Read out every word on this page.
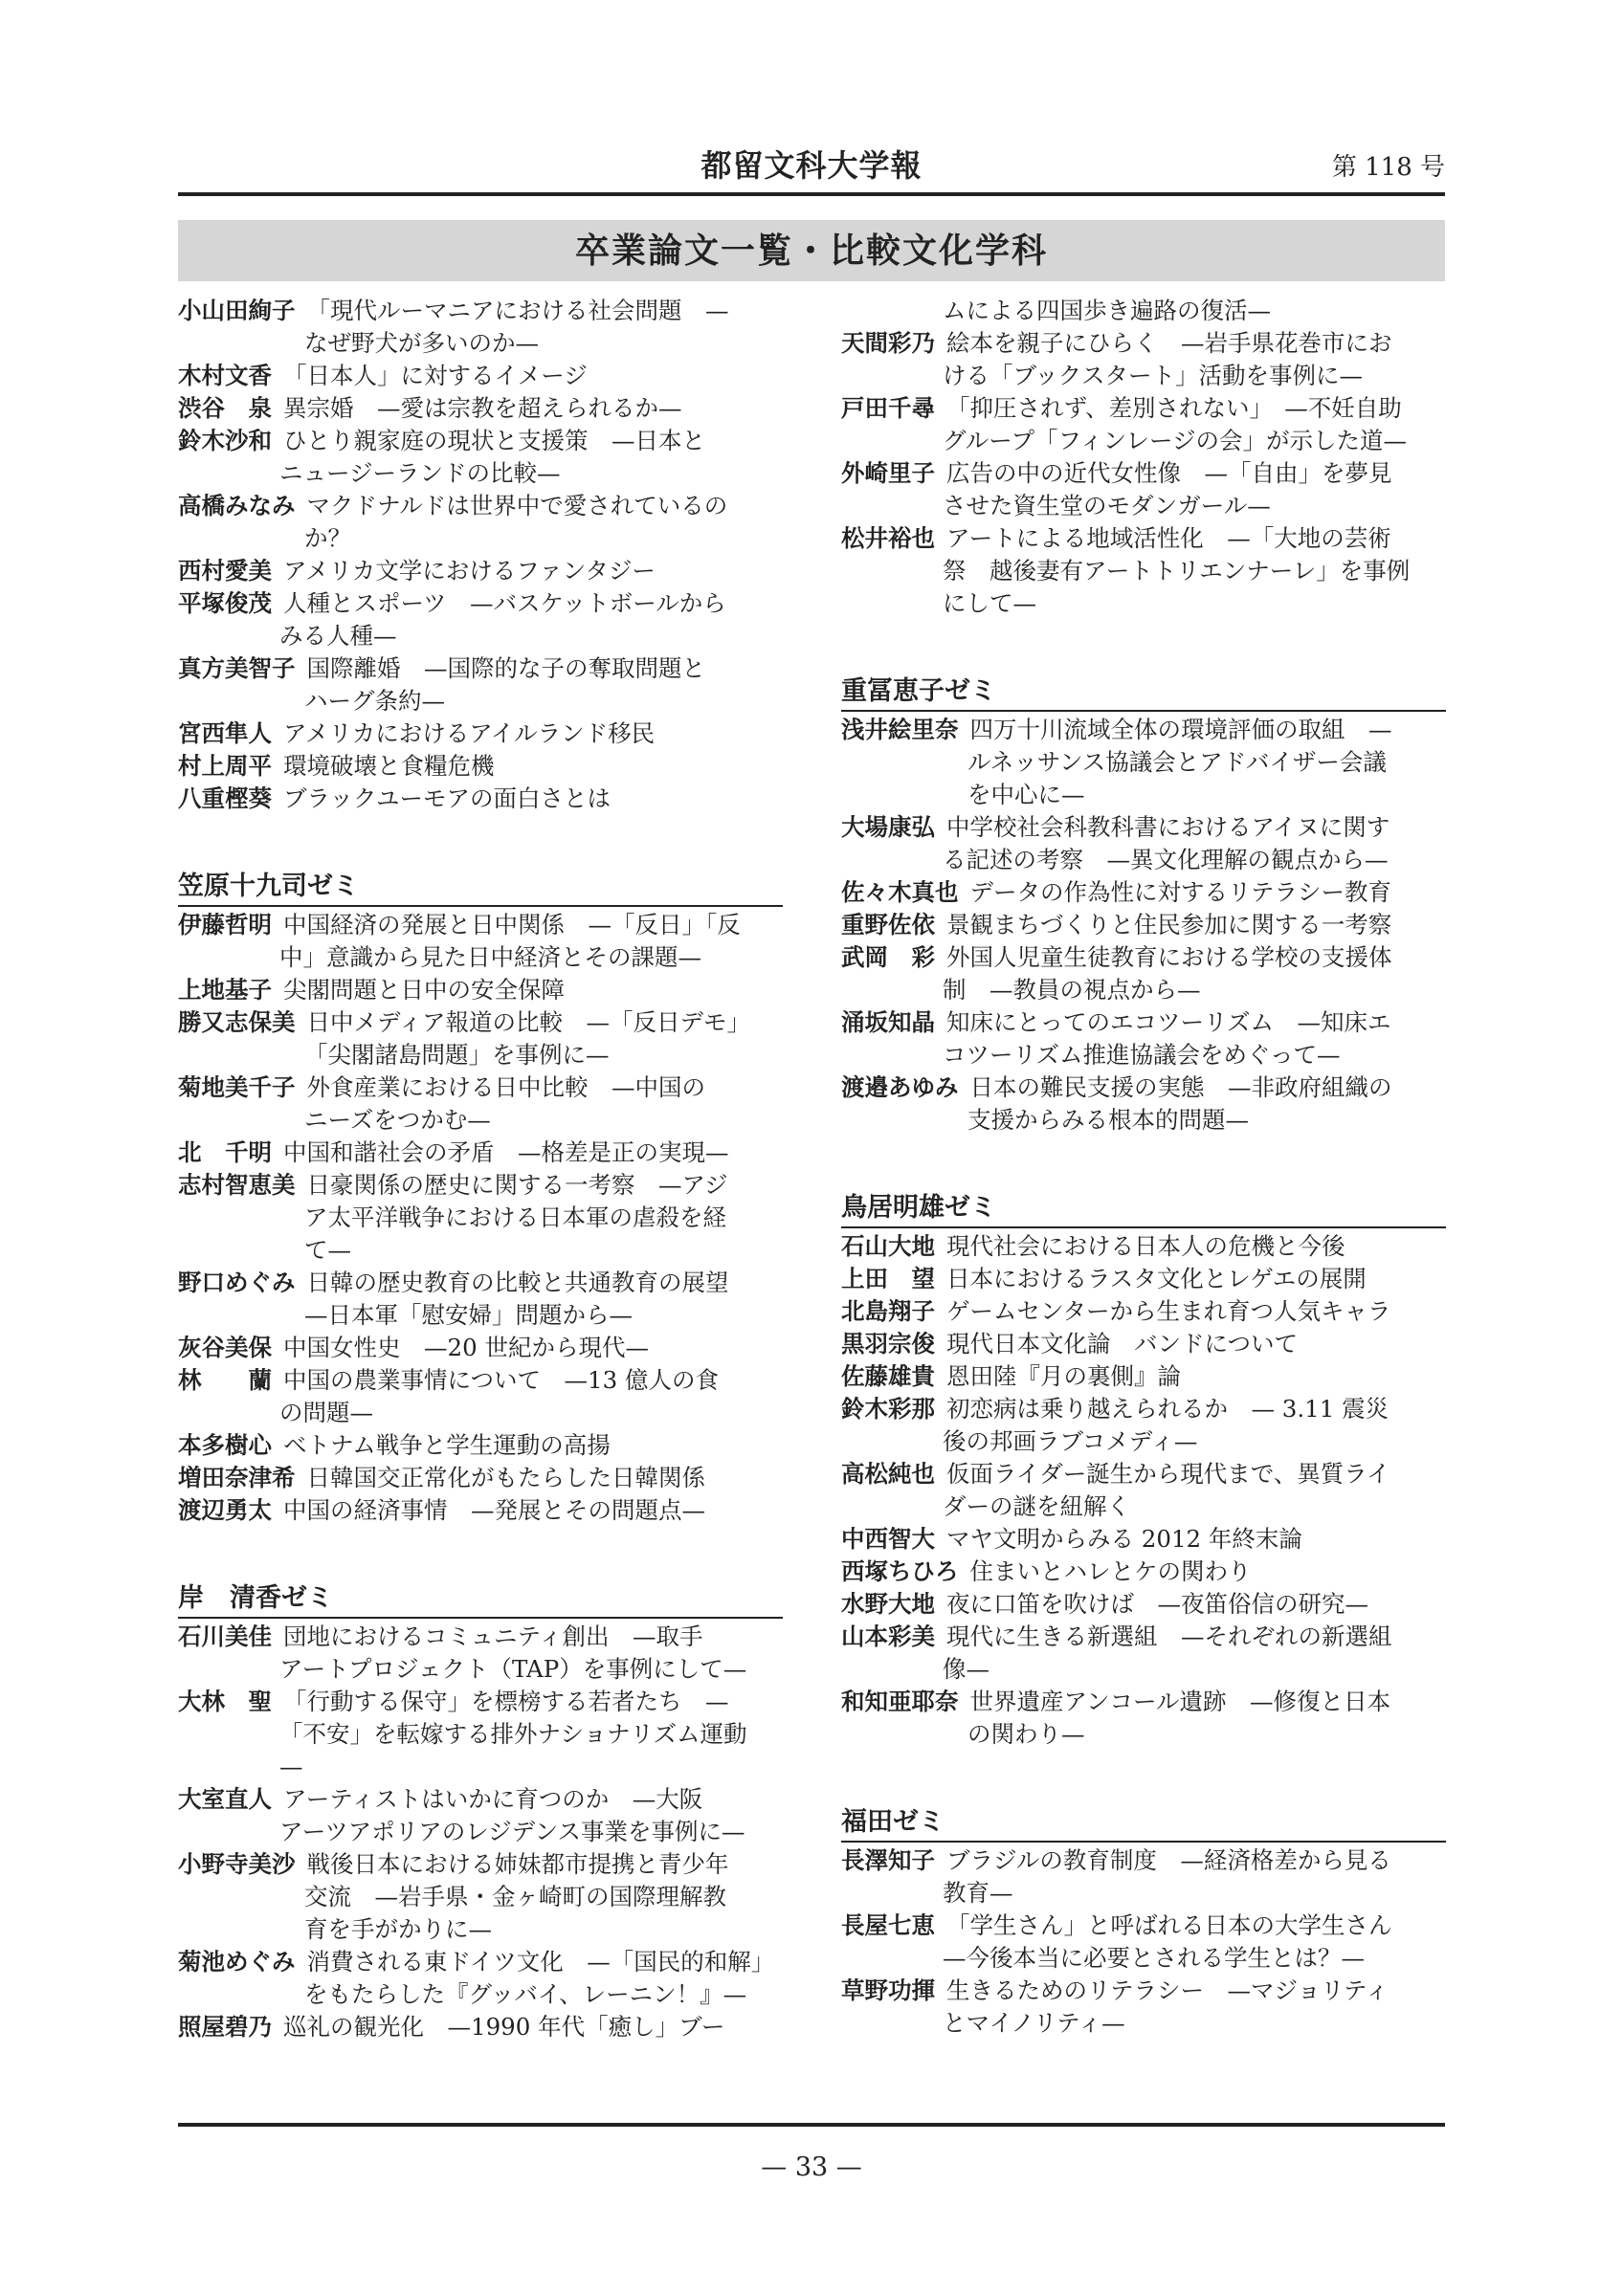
都留文科大学報	第 118 号
卒業論文一覧・比較文化学科
小山田絢子 「現代ルーマニアにおける社会問題　—
なぜ野犬が多いのか—
木村文香 「日本人」に対するイメージ
渋谷　泉 異宗婚　—愛は宗教を超えられるか—
鈴木沙和 ひとり親家庭の現状と支援策　—日本と
ニュージーランドの比較—
高橋みなみ マクドナルドは世界中で愛されているの
か？
西村愛美 アメリカ文学におけるファンタジー
平塚俊茂 人種とスポーツ　—バスケットボールから
みる人種—
真方美智子 国際離婚　—国際的な子の奪取問題と
ハーグ条約—
宮西隼人 アメリカにおけるアイルランド移民
村上周平 環境破壊と食糧危機
八重樫葵 ブラックユーモアの面白さとは
笠原十九司ゼミ
伊藤哲明 中国経済の発展と日中関係　—「反日」「反
中」意識から見た日中経済とその課題—
上地基子 尖閣問題と日中の安全保障
勝又志保美 日中メディア報道の比較　—「反日デモ」
「尖閣諸島問題」を事例に—
菊地美千子 外食産業における日中比較　—中国の
ニーズをつかむ—
北　千明 中国和諧社会の矛盾　—格差是正の実現—
志村智恵美 日豪関係の歴史に関する一考察　—アジ
ア太平洋戦争における日本軍の虐殺を経
て—
野口めぐみ 日韓の歴史教育の比較と共通教育の展望
—日本軍「慰安婦」問題から—
灰谷美保 中国女性史　—20 世紀から現代—
林　　蘭 中国の農業事情について　—13 億人の食
の問題—
本多樹心 ベトナム戦争と学生運動の高揚
増田奈津希 日韓国交正常化がもたらした日韓関係
渡辺勇太 中国の経済事情　—発展とその問題点—
岸　清香ゼミ
石川美佳 団地におけるコミュニティ創出　—取手
アートプロジェクト（TAP）を事例にして—
大林　聖 「行動する保守」を標榜する若者たち　—
「不安」を転嫁する排外ナショナリズム運動
—
大室直人 アーティストはいかに育つのか　—大阪
アーツアポリアのレジデンス事業を事例に—
小野寺美沙 戦後日本における姉妹都市提携と青少年
交流　—岩手県・金ヶ崎町の国際理解教
育を手がかりに—
菊池めぐみ 消費される東ドイツ文化　—「国民的和解」
をもたらした『グッバイ、レーニン！』—
照屋碧乃 巡礼の観光化　—1990 年代「癒し」ブー
ムによる四国歩き遍路の復活—
天間彩乃 絵本を親子にひらく　—岩手県花巻市にお
ける「ブックスタート」活動を事例に—
戸田千尋 「抑圧されず、差別されない」　—不妊自助
グループ「フィンレージの会」が示した道—
外崎里子 広告の中の近代女性像　—「自由」を夢見
させた資生堂のモダンガール—
松井裕也 アートによる地域活性化　—「大地の芸術
祭　越後妻有アートトリエンナーレ」を事例
にして—
重冨恵子ゼミ
浅井絵里奈 四万十川流域全体の環境評価の取組　—
ルネッサンス協議会とアドバイザー会議
を中心に—
大場康弘 中学校社会科教科書におけるアイヌに関す
る記述の考察　—異文化理解の観点から—
佐々木真也 データの作為性に対するリテラシー教育
重野佐依 景観まちづくりと住民参加に関する一考察
武岡　彩 外国人児童生徒教育における学校の支援体
制　—教員の視点から—
涌坂知晶 知床にとってのエコツーリズム　—知床エ
コツーリズム推進協議会をめぐって—
渡邉あゆみ 日本の難民支援の実態　—非政府組織の
支援からみる根本的問題—
鳥居明雄ゼミ
石山大地 現代社会における日本人の危機と今後
上田　望 日本におけるラスタ文化とレゲエの展開
北島翔子 ゲームセンターから生まれ育つ人気キャラ
黒羽宗俊 現代日本文化論　バンドについて
佐藤雄貴 恩田陸『月の裏側』論
鈴木彩那 初恋病は乗り越えられるか　— 3.11 震災
後の邦画ラブコメディ—
高松純也 仮面ライダー誕生から現代まで、異質ライ
ダーの謎を紐解く
中西智大 マヤ文明からみる 2012 年終末論
西塚ちひろ 住まいとハレとケの関わり
水野大地 夜に口笛を吹けば　—夜笛俗信の研究—
山本彩美 現代に生きる新選組　—それぞれの新選組
像—
和知亜耶奈 世界遺産アンコール遺跡　—修復と日本
の関わり—
福田ゼミ
長澤知子 ブラジルの教育制度　—経済格差から見る
教育—
長屋七恵 「学生さん」と呼ばれる日本の大学生さん
—今後本当に必要とされる学生とは？—
草野功揮 生きるためのリテラシー　—マジョリティ
とマイノリティ—
— 33 —
